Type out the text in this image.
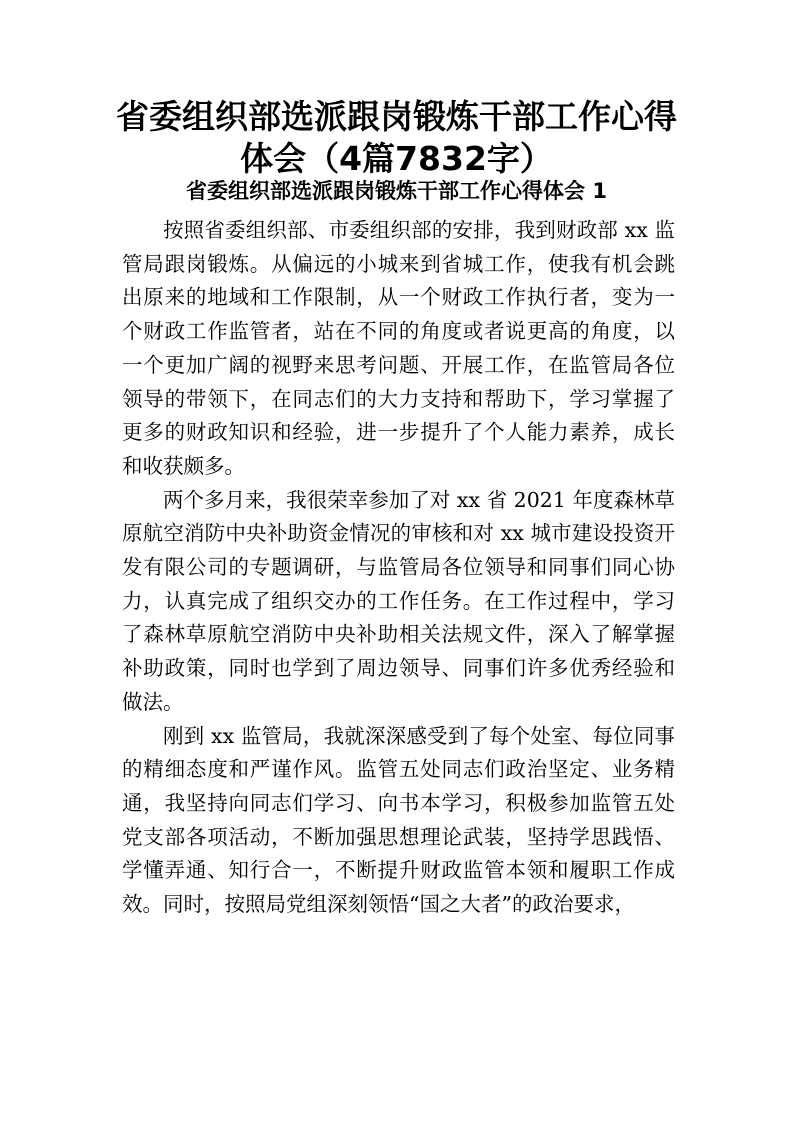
省委组织部选派跟岗锻炼干部工作心得体会（4篇7832字）
省委组织部选派跟岗锻炼干部工作心得体会 1

按照省委组织部、市委组织部的安排，我到财政部 xx 监管局跟岗锻炼。从偏远的小城来到省城工作，使我有机会跳出原来的地域和工作限制，从一个财政工作执行者，变为一个财政工作监管者，站在不同的角度或者说更高的角度，以一个更加广阔的视野来思考问题、开展工作，在监管局各位领导的带领下，在同志们的大力支持和帮助下，学习掌握了更多的财政知识和经验，进一步提升了个人能力素养，成长和收获颇多。

两个多月来，我很荣幸参加了对 xx 省 2021 年度森林草原航空消防中央补助资金情况的审核和对 xx 城市建设投资开发有限公司的专题调研，与监管局各位领导和同事们同心协力，认真完成了组织交办的工作任务。在工作过程中，学习了森林草原航空消防中央补助相关法规文件，深入了解掌握补助政策，同时也学到了周边领导、同事们许多优秀经验和做法。

刚到 xx 监管局，我就深深感受到了每个处室、每位同事的精细态度和严谨作风。监管五处同志们政治坚定、业务精通，我坚持向同志们学习、向书本学习，积极参加监管五处党支部各项活动，不断加强思想理论武装，坚持学思践悟、学懂弄通、知行合一，不断提升财政监管本领和履职工作成效。同时，按照局党组深刻领悟“国之大者”的政治要求，
